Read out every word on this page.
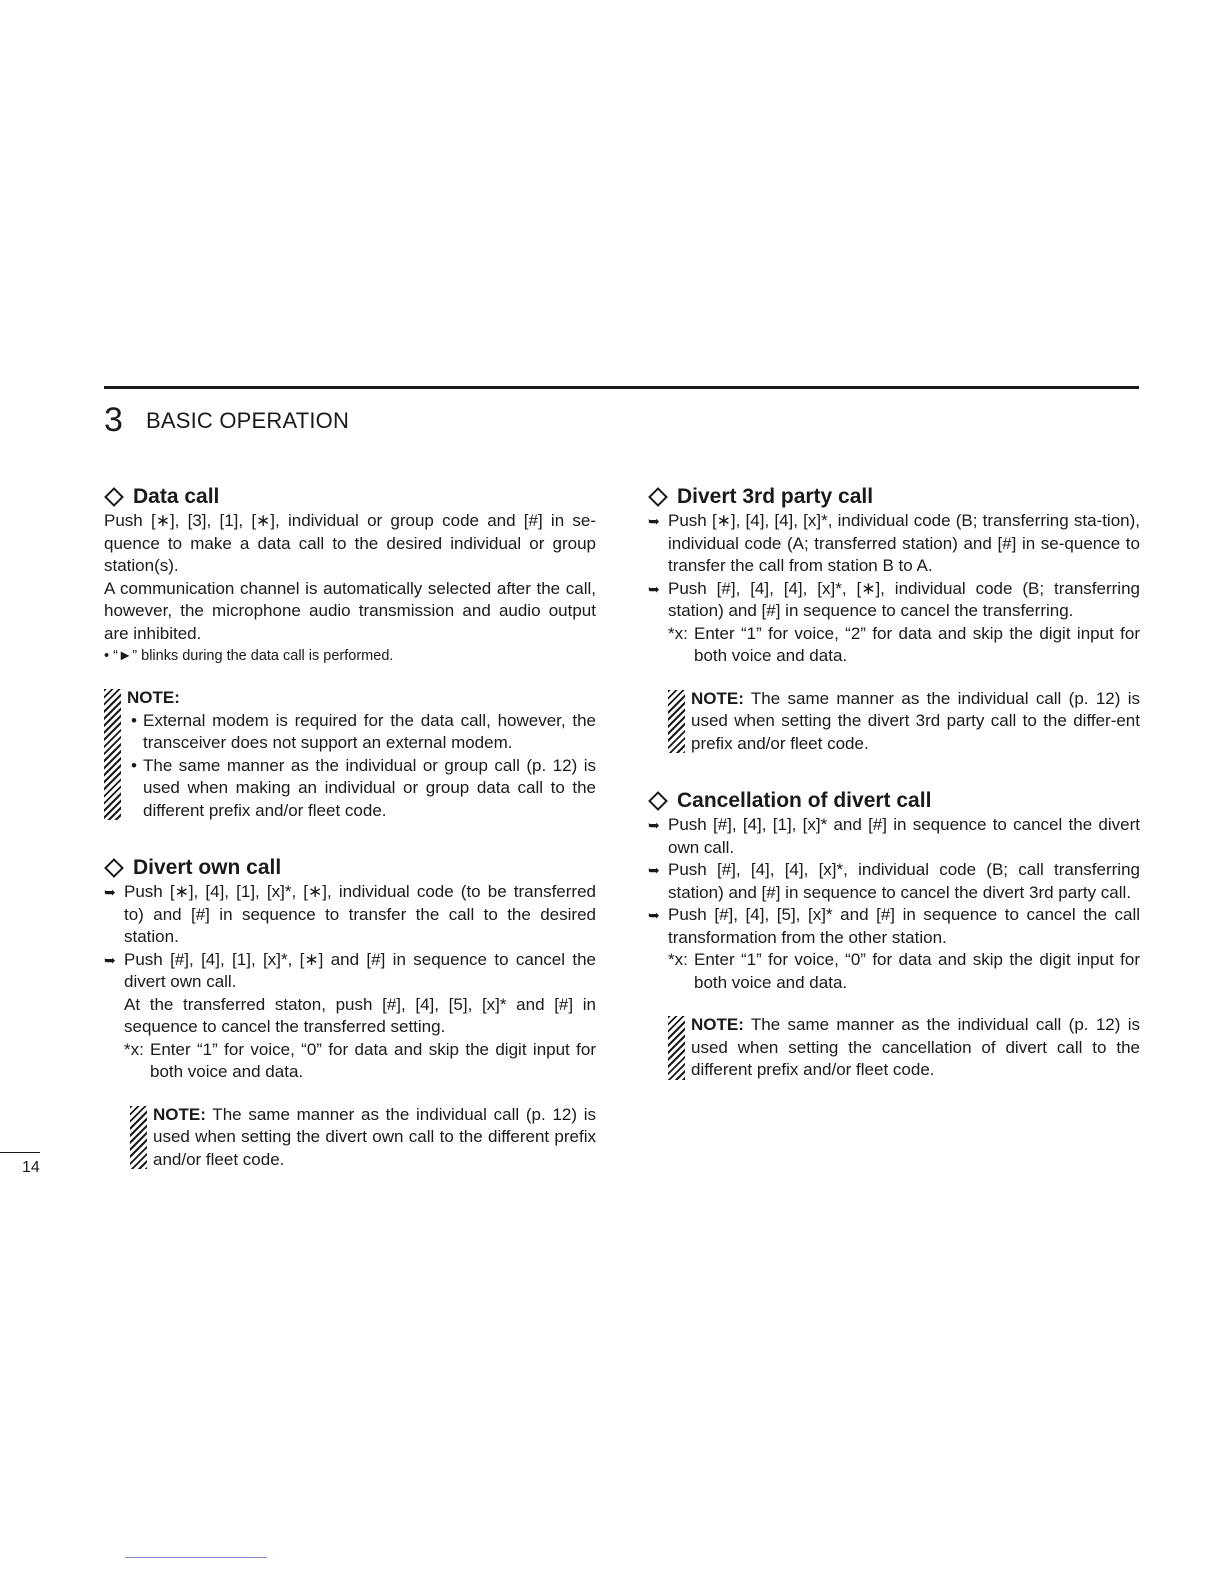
3 BASIC OPERATION
Data call

Push [∗], [3], [1], [∗], individual or group code and [#] in se-quence to make a data call to the desired individual or group station(s).

A communication channel is automatically selected after the call, however, the microphone audio transmission and audio output are inhibited.

• “►” blinks during the data call is performed.

NOTE:
• External modem is required for the data call, however, the transceiver does not support an external modem.
• The same manner as the individual or group call (p. 12) is used when making an individual or group data call to the different prefix and/or fleet code.
Divert own call
➥ Push [∗], [4], [1], [x]*, [∗], individual code (to be transferred to) and [#] in sequence to transfer the call to the desired station.
➥ Push [#], [4], [1], [x]*, [∗] and [#] in sequence to cancel the divert own call.
At the transferred staton, push [#], [4], [5], [x]* and [#] in sequence to cancel the transferred setting.
*x: Enter “1” for voice, “0” for data and skip the digit input for both voice and data.

NOTE: The same manner as the individual call (p. 12) is used when setting the divert own call to the different prefix and/or fleet code.

Divert 3rd party call
➥ Push [∗], [4], [4], [x]*, individual code (B; transferring sta-tion), individual code (A; transferred station) and [#] in se-quence to transfer the call from station B to A.
➥ Push [#], [4], [4], [x]*, [∗], individual code (B; transferring station) and [#] in sequence to cancel the transferring.
*x: Enter “1” for voice, “2” for data and skip the digit input for both voice and data.

NOTE: The same manner as the individual call (p. 12) is used when setting the divert 3rd party call to the differ-ent prefix and/or fleet code.

Cancellation of divert call
➥ Push [#], [4], [1], [x]* and [#] in sequence to cancel the divert own call.
➥ Push [#], [4], [4], [x]*, individual code (B; call transferring station) and [#] in sequence to cancel the divert 3rd party call.
➥ Push [#], [4], [5], [x]* and [#] in sequence to cancel the call transformation from the other station.
*x: Enter “1” for voice, “0” for data and skip the digit input for both voice and data.

NOTE: The same manner as the individual call (p. 12) is used when setting the cancellation of divert call to the different prefix and/or fleet code.

14
